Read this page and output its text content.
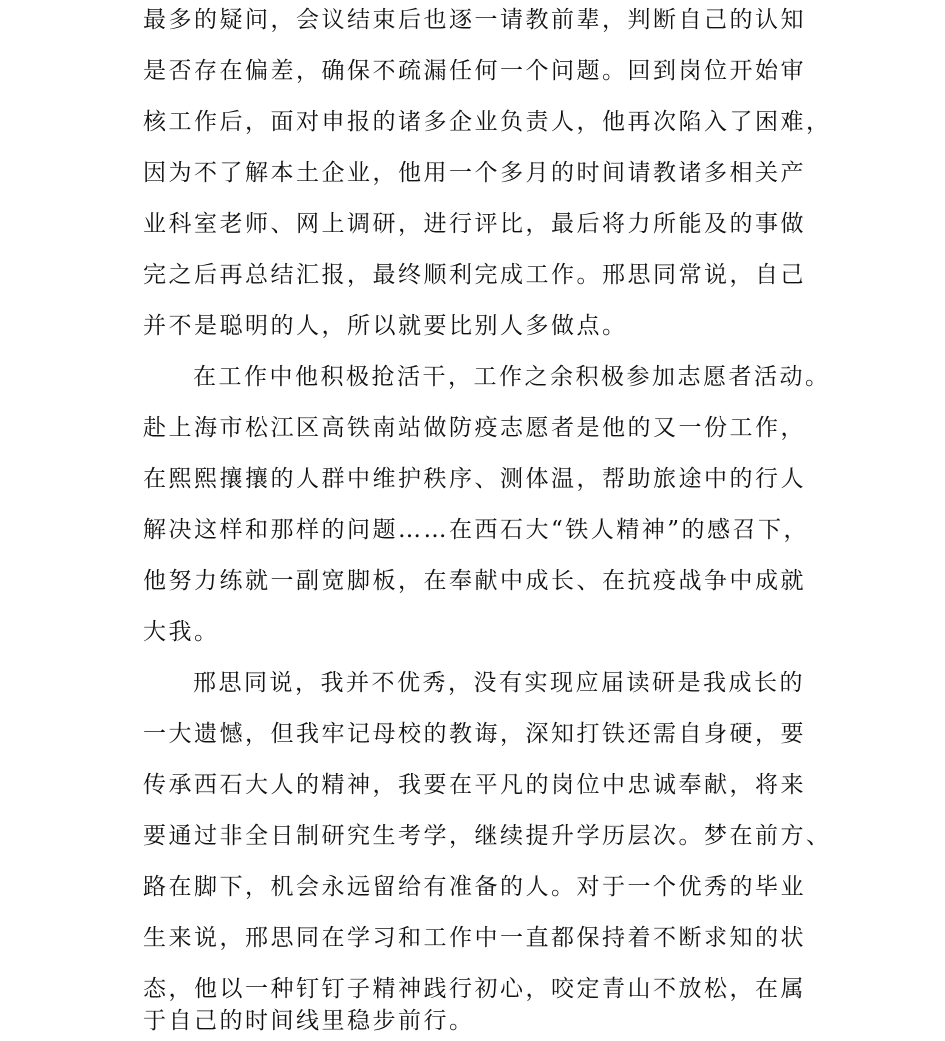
最多的疑问，会议结束后也逐一请教前辈，判断自己的认知
是否存在偏差，确保不疏漏任何一个问题。回到岗位开始审
核工作后，面对申报的诸多企业负责人，他再次陷入了困难，
因为不了解本土企业，他用一个多月的时间请教诸多相关产
业科室老师、网上调研，进行评比，最后将力所能及的事做
完之后再总结汇报，最终顺利完成工作。邢思同常说，自己
并不是聪明的人，所以就要比别人多做点。
在工作中他积极抢活干，工作之余积极参加志愿者活动。
赴上海市松江区高铁南站做防疫志愿者是他的又一份工作，
在熙熙攘攘的人群中维护秩序、测体温，帮助旅途中的行人
解决这样和那样的问题……在西石大“铁人精神”的感召下，
他努力练就一副宽脚板，在奉献中成长、在抗疫战争中成就
大我。
邢思同说，我并不优秀，没有实现应届读研是我成长的
一大遗憾，但我牢记母校的教诲，深知打铁还需自身硬，要
传承西石大人的精神，我要在平凡的岗位中忠诚奉献，将来
要通过非全日制研究生考学，继续提升学历层次。梦在前方、
路在脚下，机会永远留给有准备的人。对于一个优秀的毕业
生来说，邢思同在学习和工作中一直都保持着不断求知的状
态，他以一种钉钉子精神践行初心，咬定青山不放松，在属
于自己的时间线里稳步前行。
